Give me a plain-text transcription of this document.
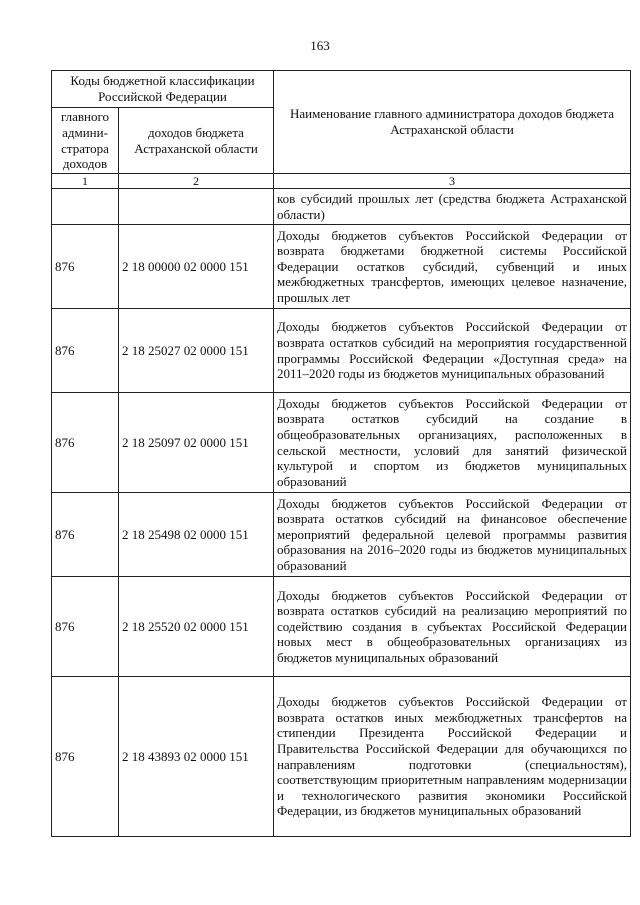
163
Коды бюджетной классификации Российской Федерации		Наименование главного администратора доходов бюджета Астраханской области
главного админи-стратора доходов	доходов бюджета Астраханской области	
1	2	3
		ков субсидий прошлых лет (средства бюджета Астраханской области)
876	2 18 00000 02 0000 151	Доходы бюджетов субъектов Российской Федерации от возврата бюджетами бюджетной системы Российской Федерации остатков субсидий, субвенций и иных межбюджетных трансфертов, имеющих целевое назначение, прошлых лет
876	2 18 25027 02 0000 151	Доходы бюджетов субъектов Российской Федерации от возврата остатков субсидий на мероприятия государственной программы Российской Федерации «Доступная среда» на 2011–2020 годы из бюджетов муниципальных образований
876	2 18 25097 02 0000 151	Доходы бюджетов субъектов Российской Федерации от возврата остатков субсидий на создание в общеобразовательных организациях, расположенных в сельской местности, условий для занятий физической культурой и спортом из бюджетов муниципальных образований
876	2 18 25498 02 0000 151	Доходы бюджетов субъектов Российской Федерации от возврата остатков субсидий на финансовое обеспечение мероприятий федеральной целевой программы развития образования на 2016–2020 годы из бюджетов муниципальных образований
876	2 18 25520 02 0000 151	Доходы бюджетов субъектов Российской Федерации от возврата остатков субсидий на реализацию мероприятий по содействию создания в субъектах Российской Федерации новых мест в общеобразовательных организациях из бюджетов муниципальных образований
876	2 18 43893 02 0000 151	Доходы бюджетов субъектов Российской Федерации от возврата остатков иных межбюджетных трансфертов на стипендии Президента Российской Федерации и Правительства Российской Федерации для обучающихся по направлениям подготовки (специальностям), соответствующим приоритетным направлениям модернизации и технологического развития экономики Российской Федерации, из бюджетов муниципальных образований
